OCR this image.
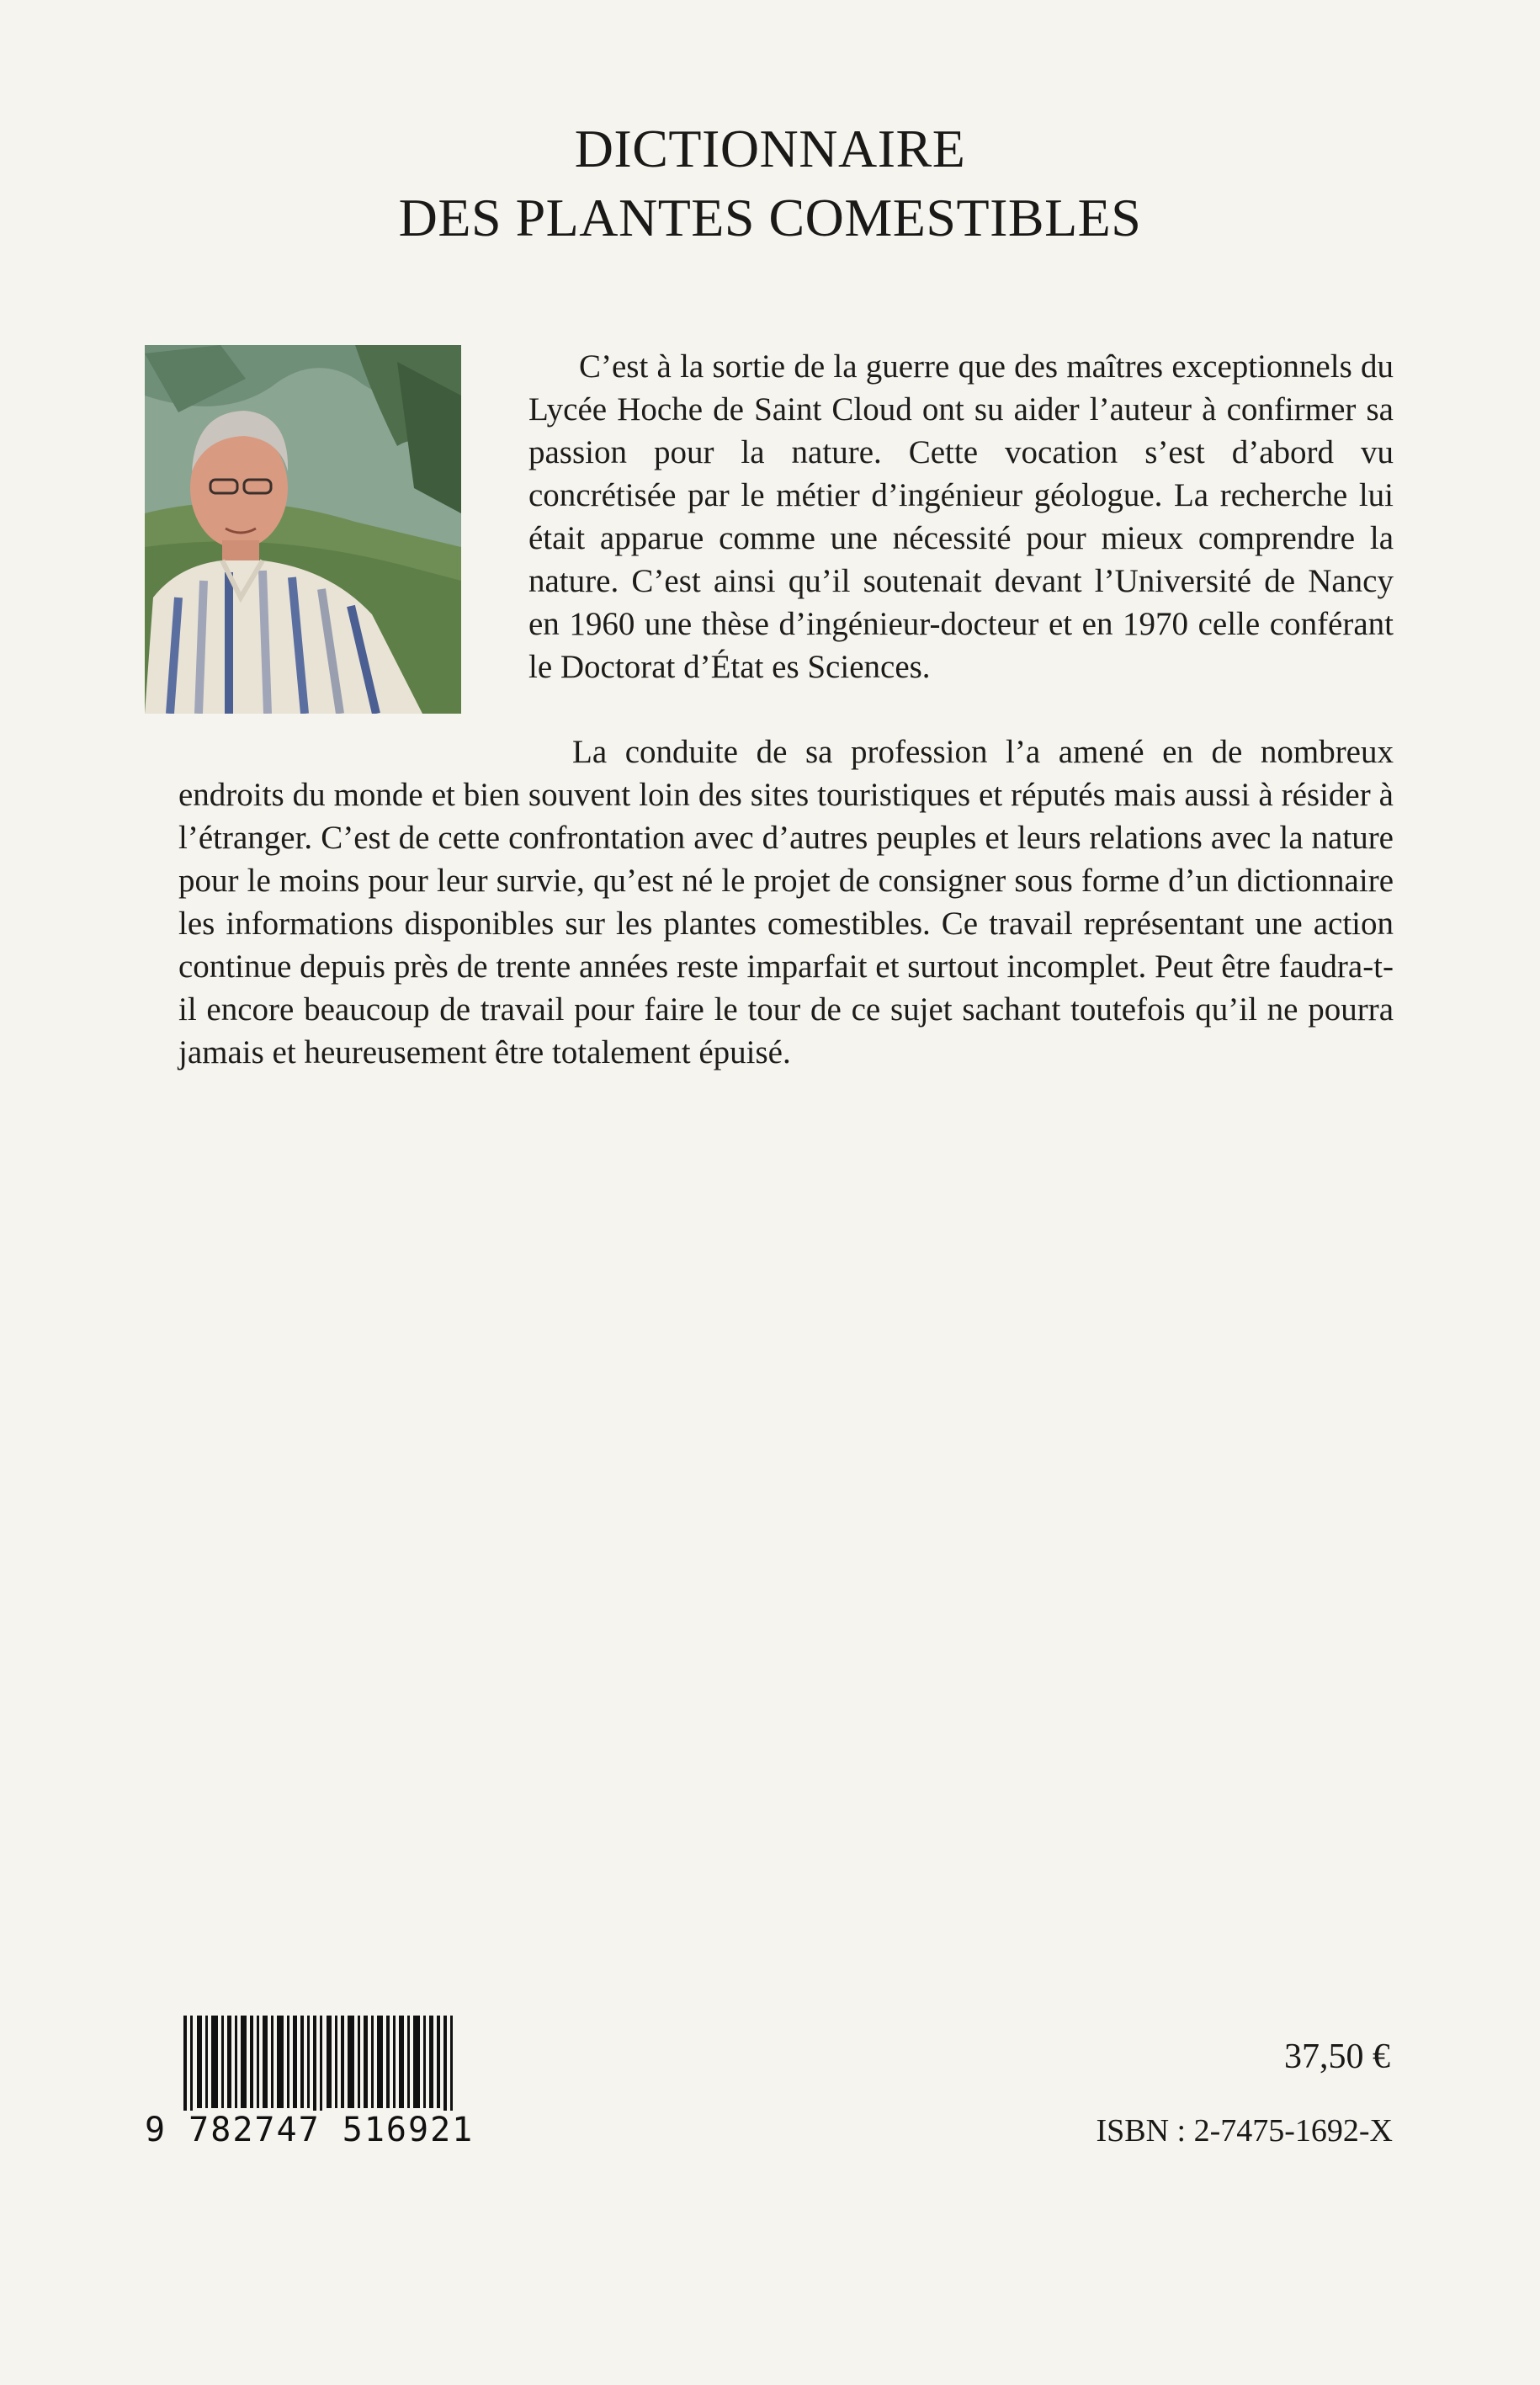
DICTIONNAIRE
DES PLANTES COMESTIBLES
C’est à la sortie de la guerre que des maîtres exceptionnels du Lycée Hoche de Saint Cloud ont su aider l’auteur à confirmer sa passion pour la nature. Cette vocation s’est d’abord vu concrétisée par le métier d’ingénieur géologue. La recherche lui était apparue comme une nécessité pour mieux comprendre la nature. C’est ainsi qu’il soutenait devant l’Université de Nancy en 1960 une thèse d’ingénieur-docteur et en 1970 celle conférant le Doctorat d’État es Sciences.
La conduite de sa profession l’a amené en de nombreux endroits du monde et bien souvent loin des sites touristiques et réputés mais aussi à résider à l’étranger. C’est de cette confrontation avec d’autres peuples et leurs relations avec la nature pour le moins pour leur survie, qu’est né le projet de consigner sous forme d’un dictionnaire les informations disponibles sur les plantes comestibles. Ce travail représentant une action continue depuis près de trente années reste imparfait et surtout incomplet. Peut être faudra-t-il encore beaucoup de travail pour faire le tour de ce sujet sachant toutefois qu’il ne pourra jamais et heureusement être totalement épuisé.
9 782747 516921
37,50 €
ISBN : 2-7475-1692-X
